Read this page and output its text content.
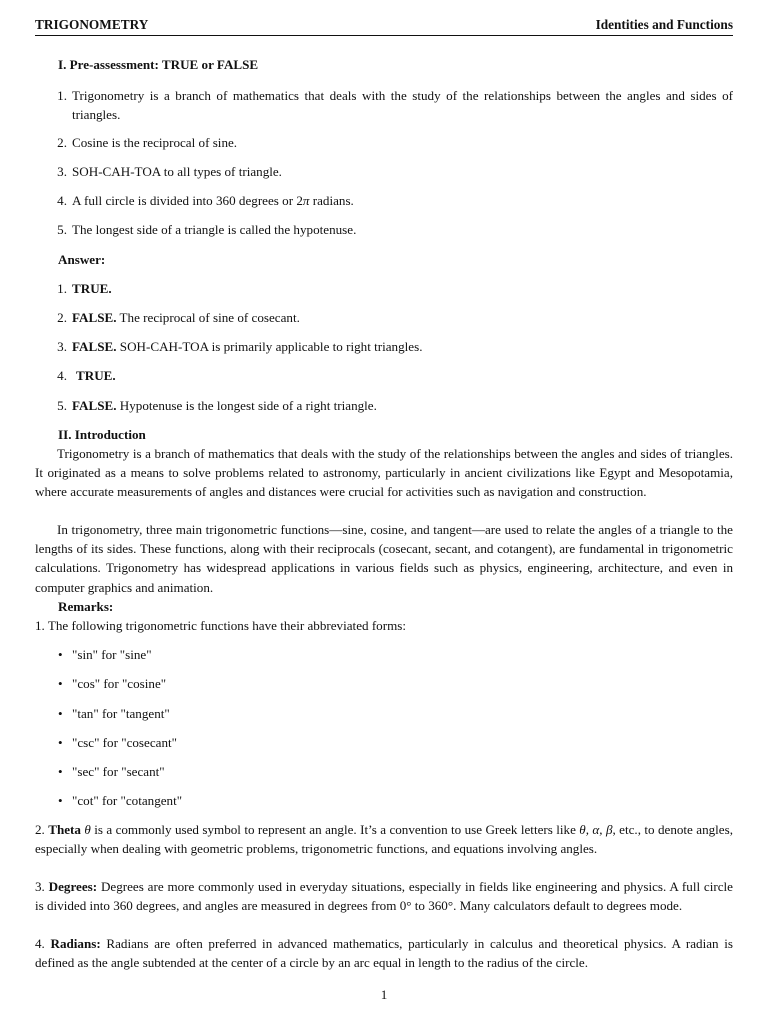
TRIGONOMETRY	Identities and Functions
I. Pre-assessment: TRUE or FALSE
1. Trigonometry is a branch of mathematics that deals with the study of the relationships between the angles and sides of triangles.
2. Cosine is the reciprocal of sine.
3. SOH-CAH-TOA to all types of triangle.
4. A full circle is divided into 360 degrees or 2π radians.
5. The longest side of a triangle is called the hypotenuse.
Answer:
1. TRUE.
2. FALSE. The reciprocal of sine of cosecant.
3. FALSE. SOH-CAH-TOA is primarily applicable to right triangles.
4. TRUE.
5. FALSE. Hypotenuse is the longest side of a right triangle.
II. Introduction
Trigonometry is a branch of mathematics that deals with the study of the relationships between the angles and sides of triangles. It originated as a means to solve problems related to astronomy, particularly in ancient civilizations like Egypt and Mesopotamia, where accurate measurements of angles and distances were crucial for activities such as navigation and construction.
In trigonometry, three main trigonometric functions—sine, cosine, and tangent—are used to relate the angles of a triangle to the lengths of its sides. These functions, along with their reciprocals (cosecant, secant, and cotangent), are fundamental in trigonometric calculations. Trigonometry has widespread applications in various fields such as physics, engineering, architecture, and even in computer graphics and animation.
Remarks:
1. The following trigonometric functions have their abbreviated forms:
• "sin" for "sine"
• "cos" for "cosine"
• "tan" for "tangent"
• "csc" for "cosecant"
• "sec" for "secant"
• "cot" for "cotangent"
2. Theta θ is a commonly used symbol to represent an angle. It’s a convention to use Greek letters like θ, α, β, etc., to denote angles, especially when dealing with geometric problems, trigonometric functions, and equations involving angles.
3. Degrees: Degrees are more commonly used in everyday situations, especially in fields like engineering and physics. A full circle is divided into 360 degrees, and angles are measured in degrees from 0° to 360°. Many calculators default to degrees mode.
4. Radians: Radians are often preferred in advanced mathematics, particularly in calculus and theoretical physics. A radian is defined as the angle subtended at the center of a circle by an arc equal in length to the radius of the circle.
1
